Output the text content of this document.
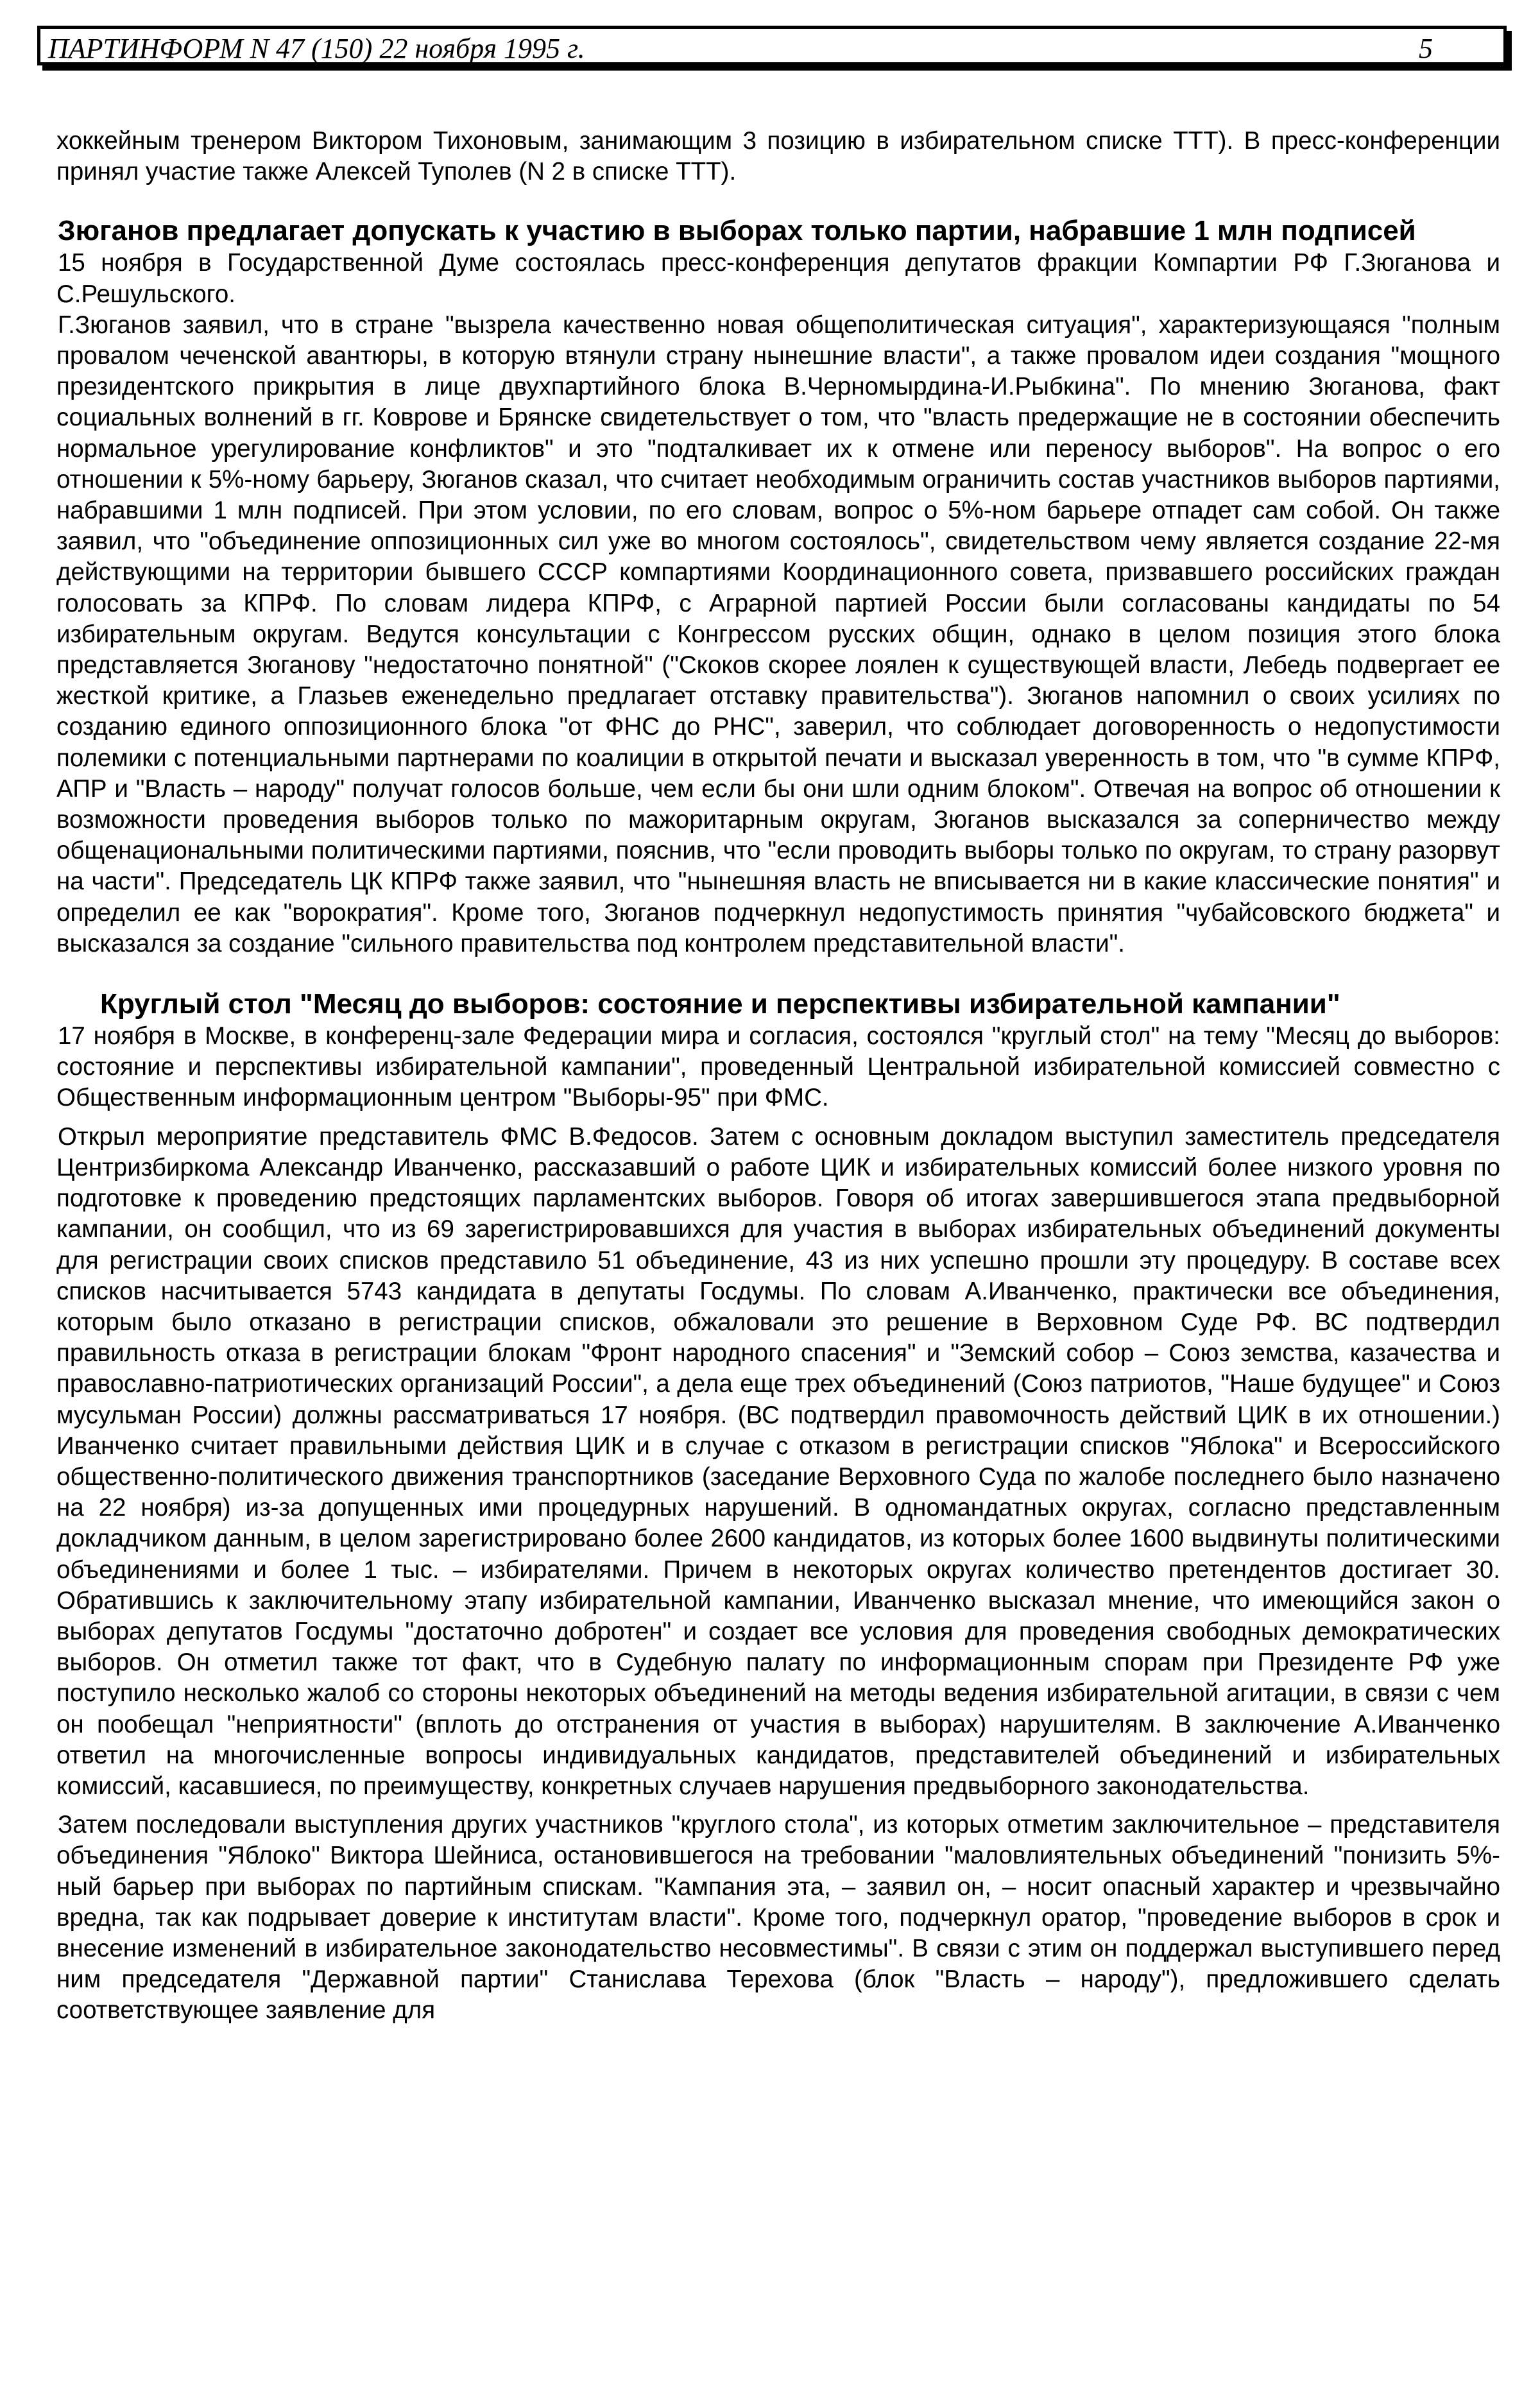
ПАРТИНФОРМ N 47 (150) 22 ноября 1995 г.	5

хоккейным тренером Виктором Тихоновым, занимающим 3 позицию в избирательном списке ТТТ). В пресс-конференции принял участие также Алексей Туполев (N 2 в списке ТТТ).

Зюганов предлагает допускать к участию в выборах только партии, набравшие 1 млн подписей

15 ноября в Государственной Думе состоялась пресс-конференция депутатов фракции Компартии РФ Г.Зюганова и С.Решульского.

Г.Зюганов заявил, что в стране "вызрела качественно новая общеполитическая ситуация", характеризующаяся "полным провалом чеченской авантюры, в которую втянули страну нынешние власти", а также провалом идеи создания "мощного президентского прикрытия в лице двухпартийного блока В.Черномырдина-И.Рыбкина". По мнению Зюганова, факт социальных волнений в гг. Коврове и Брянске свидетельствует о том, что "власть предержащие не в состоянии обеспечить нормальное урегулирование конфликтов" и это "подталкивает их к отмене или переносу выборов". На вопрос о его отношении к 5%-ному барьеру, Зюганов сказал, что считает необходимым ограничить состав участников выборов партиями, набравшими 1 млн подписей. При этом условии, по его словам, вопрос о 5%-ном барьере отпадет сам собой. Он также заявил, что "объединение оппозиционных сил уже во многом состоялось", свидетельством чему является создание 22-мя действующими на территории бывшего СССР компартиями Координационного совета, призвавшего российских граждан голосовать за КПРФ. По словам лидера КПРФ, с Аграрной партией России были согласованы кандидаты по 54 избирательным округам. Ведутся консультации с Конгрессом русских общин, однако в целом позиция этого блока представляется Зюганову "недостаточно понятной" ("Скоков скорее лоялен к существующей власти, Лебедь подвергает ее жесткой критике, а Глазьев еженедельно предлагает отставку правительства"). Зюганов напомнил о своих усилиях по созданию единого оппозиционного блока "от ФНС до РНС", заверил, что соблюдает договоренность о недопустимости полемики с потенциальными партнерами по коалиции в открытой печати и высказал уверенность в том, что "в сумме КПРФ, АПР и "Власть – народу" получат голосов больше, чем если бы они шли одним блоком". Отвечая на вопрос об отношении к возможности проведения выборов только по мажоритарным округам, Зюганов высказался за соперничество между общенациональными политическими партиями, пояснив, что "если проводить выборы только по округам, то страну разорвут на части". Председатель ЦК КПРФ также заявил, что "нынешняя власть не вписывается ни в какие классические понятия" и определил ее как "ворократия". Кроме того, Зюганов подчеркнул недопустимость принятия "чубайсовского бюджета" и высказался за создание "сильного правительства под контролем представительной власти".

Круглый стол "Месяц до выборов: состояние и перспективы избирательной кампании"

17 ноября в Москве, в конференц-зале Федерации мира и согласия, состоялся "круглый стол" на тему "Месяц до выборов: состояние и перспективы избирательной кампании", проведенный Центральной избирательной комиссией совместно с Общественным информационным центром "Выборы-95" при ФМС.

Открыл мероприятие представитель ФМС В.Федосов. Затем с основным докладом выступил заместитель председателя Центризбиркома Александр Иванченко, рассказавший о работе ЦИК и избирательных комиссий более низкого уровня по подготовке к проведению предстоящих парламентских выборов. Говоря об итогах завершившегося этапа предвыборной кампании, он сообщил, что из 69 зарегистрировавшихся для участия в выборах избирательных объединений документы для регистрации своих списков представило 51 объединение, 43 из них успешно прошли эту процедуру. В составе всех списков насчитывается 5743 кандидата в депутаты Госдумы. По словам А.Иванченко, практически все объединения, которым было отказано в регистрации списков, обжаловали это решение в Верховном Суде РФ. ВС подтвердил правильность отказа в регистрации блокам "Фронт народного спасения" и "Земский собор – Союз земства, казачества и православно-патриотических организаций России", а дела еще трех объединений (Союз патриотов, "Наше будущее" и Союз мусульман России) должны рассматриваться 17 ноября. (ВС подтвердил правомочность действий ЦИК в их отношении.) Иванченко считает правильными действия ЦИК и в случае с отказом в регистрации списков "Яблока" и Всероссийского общественно-политического движения транспортников (заседание Верховного Суда по жалобе последнего было назначено на 22 ноября) из-за допущенных ими процедурных нарушений. В одномандатных округах, согласно представленным докладчиком данным, в целом зарегистрировано более 2600 кандидатов, из которых более 1600 выдвинуты политическими объединениями и более 1 тыс. – избирателями. Причем в некоторых округах количество претендентов достигает 30. Обратившись к заключительному этапу избирательной кампании, Иванченко высказал мнение, что имеющийся закон о выборах депутатов Госдумы "достаточно добротен" и создает все условия для проведения свободных демократических выборов. Он отметил также тот факт, что в Судебную палату по информационным спорам при Президенте РФ уже поступило несколько жалоб со стороны некоторых объединений на методы ведения избирательной агитации, в связи с чем он пообещал "неприятности" (вплоть до отстранения от участия в выборах) нарушителям. В заключение А.Иванченко ответил на многочисленные вопросы индивидуальных кандидатов, представителей объединений и избирательных комиссий, касавшиеся, по преимуществу, конкретных случаев нарушения предвыборного законодательства.

Затем последовали выступления других участников "круглого стола", из которых отметим заключительное – представителя объединения "Яблоко" Виктора Шейниса, остановившегося на требовании "маловлиятельных объединений "понизить 5%-ный барьер при выборах по партийным спискам. "Кампания эта, – заявил он, – носит опасный характер и чрезвычайно вредна, так как подрывает доверие к институтам власти". Кроме того, подчеркнул оратор, "проведение выборов в срок и внесение изменений в избирательное законодательство несовместимы". В связи с этим он поддержал выступившего перед ним председателя "Державной партии" Станислава Терехова (блок "Власть – народу"), предложившего сделать соответствующее заявление для
